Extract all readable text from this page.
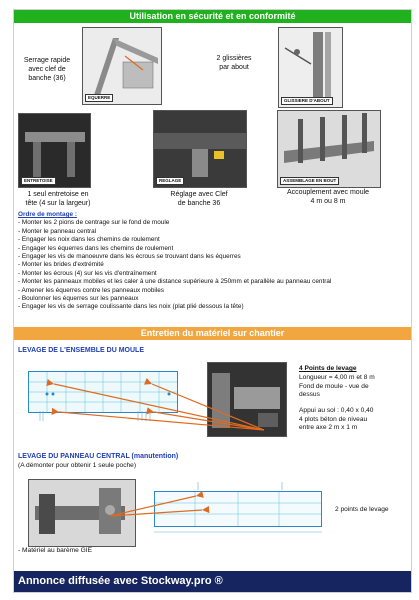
Utilisation en sécurité et en conformité
Serrage rapide
avec clef de
banche (36)
EQUERRE
2 glissières
par about
GLISSIERE D'ABOUT
ENTRETOISE	REGLAGE	ASSEMBLAGE EN BOUT
1 seul entretoise en
tête (4 sur la largeur)
Réglage avec Clef
de banche 36
Accouplement avec moule
4 m ou 8 m
Ordre de montage :
- Monter les 2 pions de centrage sur le fond de moule
- Monter le panneau central
- Engager les noix dans les chemins de roulement
- Engager les équerres dans les chemins de roulement
- Engager les vis de manoeuvre dans les écrous se trouvant dans les équerres
- Monter les brides d'extrémité
- Monter les écrous (4) sur les vis d'entraînement
- Monter les panneaux mobiles et les caler à une distance supérieure à 250mm et parallèle au panneau central
- Amener les équerres contre les panneaux mobiles
- Boulonner les équerres sur les panneaux
- Engager les vis de serrage coulissante dans les noix (plat plié dessous la tête)
Entretien du matériel sur chantier
LEVAGE DE L'ENSEMBLE DU MOULE
4 Points de levage
Longueur = 4,00 m et 8 m
Fond de moule - vue de
dessus
Appui au sol : 0,40 x 0,40
4 plots béton de niveau
entre axe 2 m x 1 m
LEVAGE DU PANNEAU CENTRAL (manutention)
(A démonter pour obtenir 1 seule poche)
2 points de levage
- Matériel au barème GIE
Annonce diffusée avec Stockway.pro ®
